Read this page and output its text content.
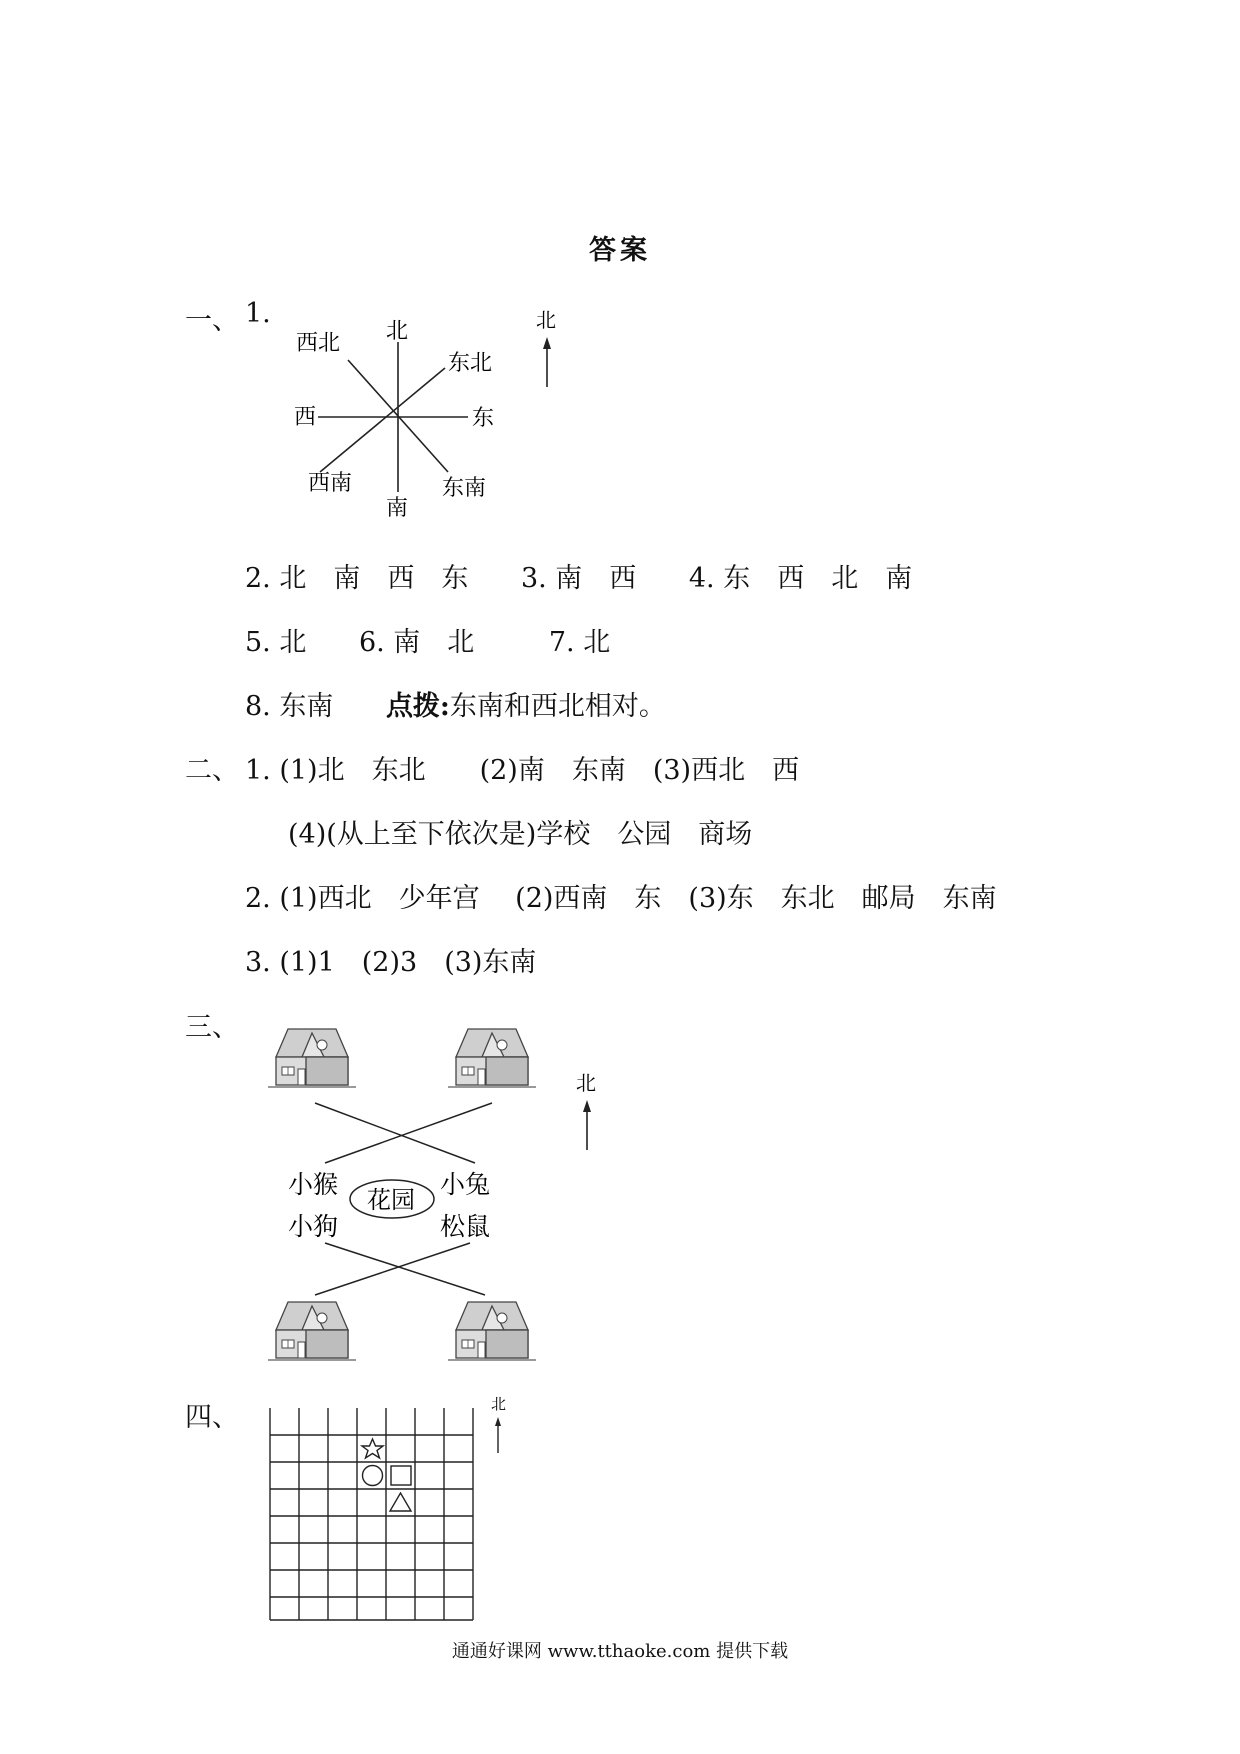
答案
一、 1.
北
东北
东
东南
南
西南
西
西北
北
2. 北　南　西　东 3. 南　西 4. 东　西　北　南
5. 北 6. 南　北	7. 北
8. 东南 点拨:东南和西北相对。
二、 1. (1)北　东北　　(2)南　东南　(3)西北　西
(4)(从上至下依次是)学校　公园　商场
2. (1)西北　少年宫　 (2)西南　东　(3)东　东北　邮局　东南
3. (1)1　(2)3　(3)东南
三、
小猴	小兔
小狗	松鼠
花园
北
四、	北
通通好课网 www.tthaoke.com 提供下载
